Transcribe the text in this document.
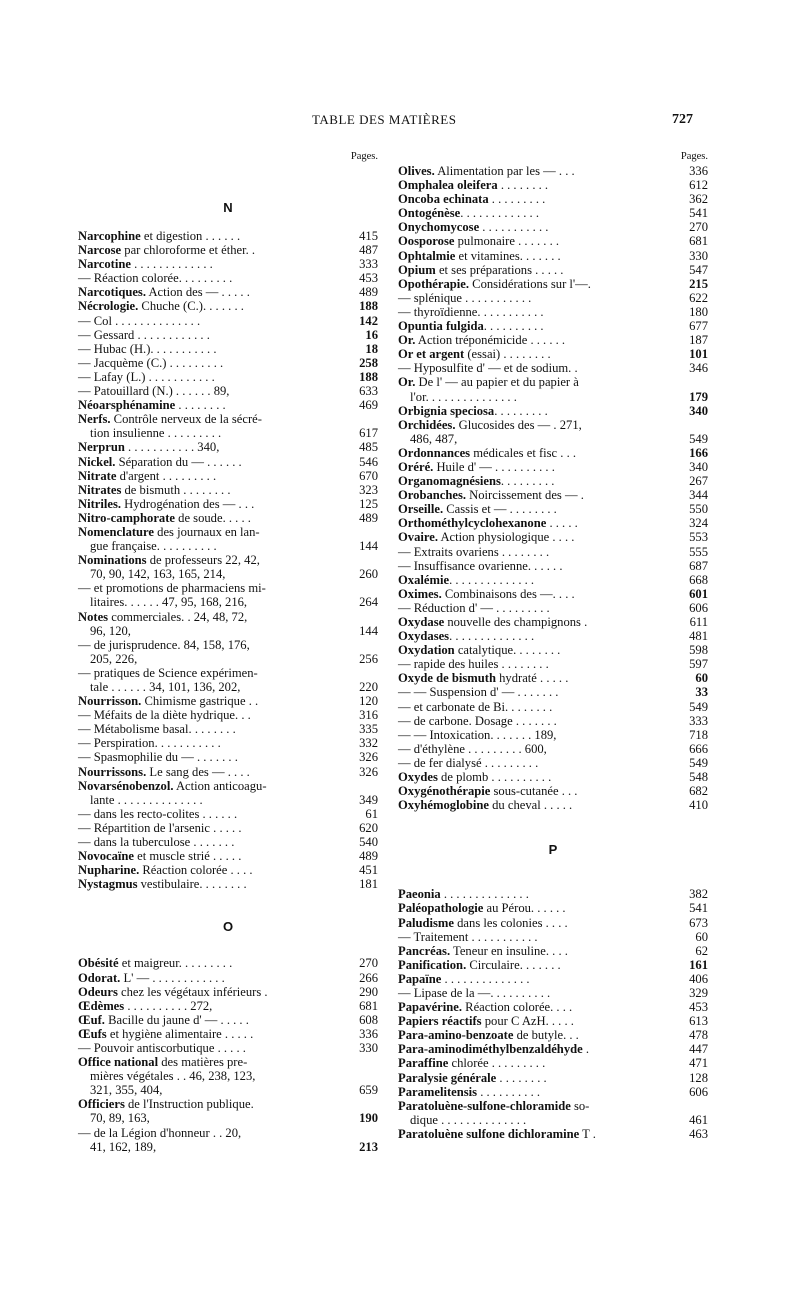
TABLE DES MATIÈRES	727
Pages.
N
Narcophine et digestion . . . . . .	415
Narcose par chloroforme et éther. .	487
Narcotine . . . . . . . . . . . . .	333
— Réaction colorée. . . . . . . . .	453
Narcotiques. Action des — . . . . .	489
Nécrologie. Chuche (C.). . . . . . .	188
— Col . . . . . . . . . . . . . .	142
— Gessard . . . . . . . . . . . .	16
— Hubac (H.). . . . . . . . . . .	18
— Jacquème (C.) . . . . . . . . .	258
— Lafay (L.) . . . . . . . . . . .	188
— Patouillard (N.) . . . . . . 89,	633
Néoarsphénamine . . . . . . . .	469
Nerfs. Contrôle nerveux de la sécré-
tion insulienne . . . . . . . . .	617
Nerprun . . . . . . . . . . . 340,	485
Nickel. Séparation du — . . . . . .	546
Nitrate d'argent . . . . . . . . .	670
Nitrates de bismuth . . . . . . . .	323
Nitriles. Hydrogénation des — . . .	125
Nitro-camphorate de soude. . . . .	489
Nomenclature des journaux en lan-
gue française. . . . . . . . . .	144
Nominations de professeurs 22, 42,
70, 90, 142, 163, 165, 214,	260
— et promotions de pharmaciens mi-
litaires. . . . . . 47, 95, 168, 216,	264
Notes commerciales. . 24, 48, 72,
96, 120,	144
— de jurisprudence. 84, 158, 176,
205, 226,	256
— pratiques de Science expérimen-
tale . . . . . . 34, 101, 136, 202,	220
Nourrisson. Chimisme gastrique . .	120
— Méfaits de la diète hydrique. . .	316
— Métabolisme basal. . . . . . . .	335
— Perspiration. . . . . . . . . . .	332
— Spasmophilie du — . . . . . . .	326
Nourrissons. Le sang des — . . . .	326
Novarsénobenzol. Action anticoagu-
lante . . . . . . . . . . . . . .	349
— dans les recto-colites . . . . . .	61
— Répartition de l'arsenic . . . . .	620
— dans la tuberculose . . . . . . .	540
Novocaïne et muscle strié . . . . .	489
Nupharine. Réaction colorée . . . .	451
Nystagmus vestibulaire. . . . . . . .	181
O
Obésité et maigreur. . . . . . . . .	270
Odorat. L' — . . . . . . . . . . . .	266
Odeurs chez les végétaux inférieurs .	290
Œdèmes . . . . . . . . . . 272,	681
Œuf. Bacille du jaune d' — . . . . .	608
Œufs et hygiène alimentaire . . . . .	336
— Pouvoir antiscorbutique . . . . .	330
Office national des matières pre-
mières végétales . . 46, 238, 123,
321, 355, 404,	659
Officiers de l'Instruction publique.
70, 89, 163,	190
— de la Légion d'honneur . . 20,
41, 162, 189,	213
Pages.
Olives. Alimentation par les — . . .	336
Omphalea oleifera . . . . . . . .	612
Oncoba echinata . . . . . . . . .	362
Ontogénèse. . . . . . . . . . . . .	541
Onychomycose . . . . . . . . . . .	270
Oosporose pulmonaire . . . . . . .	681
Ophtalmie et vitamines. . . . . . .	330
Opium et ses préparations . . . . .	547
Opothérapie. Considérations sur l'—.	215
— splénique . . . . . . . . . . .	622
— thyroïdienne. . . . . . . . . . .	180
Opuntia fulgida. . . . . . . . . .	677
Or. Action tréponémicide . . . . . .	187
Or et argent (essai) . . . . . . . .	101
— Hyposulfite d' — et de sodium. .	346
Or. De l' — au papier et du papier à
l'or. . . . . . . . . . . . . . .	179
Orbignia speciosa. . . . . . . . .	340
Orchidées. Glucosides des — . 271,
486, 487,	549
Ordonnances médicales et fisc . . .	166
Oréré. Huile d' — . . . . . . . . . .	340
Organomagnésiens. . . . . . . . .	267
Orobanches. Noircissement des — .	344
Orseille. Cassis et — . . . . . . . .	550
Orthométhylcyclohexanone . . . . .	324
Ovaire. Action physiologique . . . .	553
— Extraits ovariens . . . . . . . .	555
— Insuffisance ovarienne. . . . . .	687
Oxalémie. . . . . . . . . . . . . .	668
Oximes. Combinaisons des —. . . .	601
— Réduction d' — . . . . . . . . .	606
Oxydase nouvelle des champignons .	611
Oxydases. . . . . . . . . . . . . .	481
Oxydation catalytique. . . . . . . .	598
— rapide des huiles . . . . . . . .	597
Oxyde de bismuth hydraté . . . . .	60
— — Suspension d' — . . . . . . .	33
— et carbonate de Bi. . . . . . . .	549
— de carbone. Dosage . . . . . . .	333
— — Intoxication. . . . . . . 189,	718
— d'éthylène . . . . . . . . . 600,	666
— de fer dialysé . . . . . . . . .	549
Oxydes de plomb . . . . . . . . . .	548
Oxygénothérapie sous-cutanée . . .	682
Oxyhémoglobine du cheval . . . . .	410
P
Paeonia . . . . . . . . . . . . . .	382
Paléopathologie au Pérou. . . . . .	541
Paludisme dans les colonies . . . .	673
— Traitement . . . . . . . . . . .	60
Pancréas. Teneur en insuline. . . .	62
Panification. Circulaire. . . . . . .	161
Papaïne . . . . . . . . . . . . . .	406
— Lipase de la —. . . . . . . . . .	329
Papavérine. Réaction colorée. . . .	453
Papiers réactifs pour C AzH. . . . .	613
Para-amino-benzoate de butyle. . .	478
Para-aminodiméthylbenzaldéhyde .	447
Paraffine chlorée . . . . . . . . .	471
Paralysie générale . . . . . . . .	128
Paramelitensis . . . . . . . . . .	606
Paratoluène-sulfone-chloramide so-
dique . . . . . . . . . . . . . .	461
Paratoluène sulfone dichloramine T .	463
